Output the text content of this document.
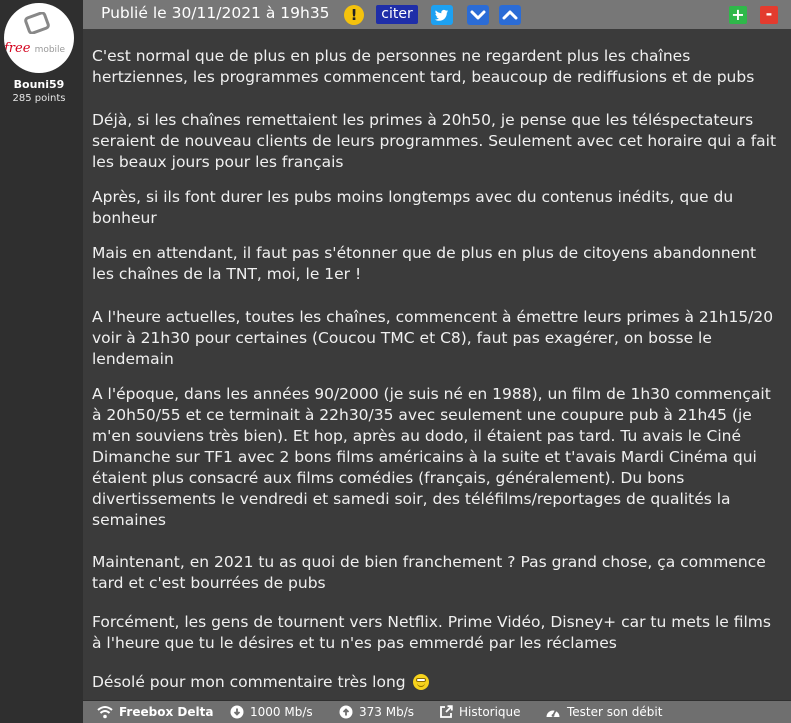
free mobile
Bouni59
285 points
Publié le 30/11/2021 à 19h35	!	citer	+	-

C'est normal que de plus en plus de personnes ne regardent plus les chaînes hertziennes, les programmes commencent tard, beaucoup de rediffusions et de pubs

Déjà, si les chaînes remettaient les primes à 20h50, je pense que les téléspectateurs seraient de nouveau clients de leurs programmes. Seulement avec cet horaire qui a fait les beaux jours pour les français

Après, si ils font durer les pubs moins longtemps avec du contenus inédits, que du bonheur

Mais en attendant, il faut pas s'étonner que de plus en plus de citoyens abandonnent les chaînes de la TNT, moi, le 1er !

A l'heure actuelles, toutes les chaînes, commencent à émettre leurs primes à 21h15/20 voir à 21h30 pour certaines (Coucou TMC et C8), faut pas exagérer, on bosse le lendemain

A l'époque, dans les années 90/2000 (je suis né en 1988), un film de 1h30 commençait à 20h50/55 et ce terminait à 22h30/35 avec seulement une coupure pub à 21h45 (je m'en souviens très bien). Et hop, après au dodo, il étaient pas tard. Tu avais le Ciné Dimanche sur TF1 avec 2 bons films américains à la suite et t'avais Mardi Cinéma qui étaient plus consacré aux films comédies (français, généralement). Du bons divertissements le vendredi et samedi soir, des téléfilms/reportages de qualités la semaines

Maintenant, en 2021 tu as quoi de bien franchement ? Pas grand chose, ça commence tard et c'est bourrées de pubs

Forcément, les gens de tournent vers Netflix. Prime Vidéo, Disney+ car tu mets le films à l'heure que tu le désires et tu n'es pas emmerdé par les réclames

Désolé pour mon commentaire très long

Freebox Delta	1000 Mb/s	373 Mb/s	Historique	Tester son débit
